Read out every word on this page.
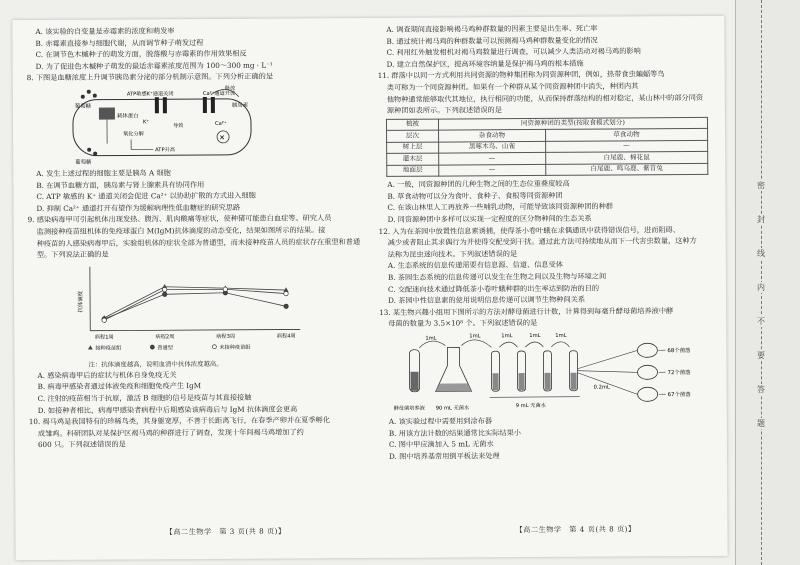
A. 该实验的自变量是赤霉素的浓度和萌发率
B. 赤霉素直接参与细胞代谢，从而调节种子萌发过程
C. 在调节色木槭种子的萌发方面，脱落酸与赤霉素的作用效果相反
D. 为了促进色木槭种子萌发的最适赤霉素浓度范围为 100～300 mg · L⁻¹
8. 下图是血糖浓度上升调节胰岛素分泌的部分机制示意图。下列分析正确的是
葡萄糖
载体蛋白
ATP敏感K⁺通道关闭	Ca²⁺通道开放
胰岛素
释放
K⁺
导致	Ca²⁺
✕
氧化分解
ATP升高
葡萄糖
A. 发生上述过程的细胞主要是胰岛 A 细胞
B. 在调节血糖方面，胰岛素与肾上腺素具有协同作用
C. ATP 敏感的 K⁺ 通道关闭会促进 Ca²⁺ 以协助扩散的方式进入细胞
D. 抑制 Ca²⁺ 通道打开有望作为缓解病理性低血糖症的研究思路
9. 感染病毒甲可引起机体出现发热、腹泻、肌肉酸痛等症状，使种猪可能患白血症等。研究人员
监测接种疫苗组机体的免疫球蛋白 M(IgM)抗体滴度的动态变化，结果如图所示的结果。接
种疫苗的人感染病毒甲后，实验组机体的症状全部为普通型，而未接种疫苗人员的症状存在重型和普通
型。下列说法正确的是
抗体滴度
病程1周	病程2周	病程3周	病程4周
接种疫苗组	普通型	未接种疫苗组
注：抗体滴度越高，说明血清中抗体浓度越高。
A. 感染病毒甲后的症状与机体自身免疫无关
B. 病毒甲感染者通过体液免疫和细胞免疫产生 IgM
C. 注射的疫苗相当于抗原，激活 B 细胞的信号是疫苗与其直接接触
D. 如接种者相比，病毒甲感染者病程中后期感染该病毒后与 IgM 抗体滴度会更高
10. 褐马鸡是我国特有的珍稀鸟类，其身躯宽厚，不善于长距离飞行，在春季产卵并在夏季孵化
成雏鸡。科研团队对某保护区褐马鸡的种群进行了调查，发现十年间褐马鸡增加了约
600 只。下列叙述错误的是
A. 调查期间直接影响褐马鸡种群数量的因素主要是出生率、死亡率
B. 通过统计褐马鸡的种群数量可以预测褐马鸡种群数量变化的情况
C. 利用红外触发相机对褐马鸡数量进行调查，可以减少人类活动对褐马鸡的影响
D. 建立自然保护区，提高环境容纳量是保护褐马鸡的根本措施
11. 群落中以同一方式利用共同资源的物种集团称为同资源种团，例如，热带食虫蝙蝠等鸟
类可称为一个同资源种团。如果有一个种群从某个同资源种团中消失，种团内其
他物种通常能够取代其地位，执行相同的功能，从而保持群落结构的相对稳定，某山林中的部分同资
源种团如表所示。下列叙述错误的是
植被	同资源种团的类型(按取食模式划分)	
层次	杂食动物	草食动物
树上层	黑啄木鸟、山雀	—
灌木层	—	白尾鹿、棉花鼠
地面层	—	白尾鹿、鸣乌鹿、紫苜兔
A. 一般，同资源种团的几种生物之间的生态位重叠度较高
B. 草食动物可以分为食叶、食种子、食根等同资源种团
C. 在该山林里人工再放养一些哺乳动物，可能导致该同资源种团的种群
D. 同资源种团中多样可以实现一定程度的区分物种间的生态关系
12. 入为在茶园中放置性信息素诱捕，使得茶小卷叶蛾在求偶通讯中获得错误信号，进而阻碍、
减少或者阻止其求偶行为并使得交配受到干扰。通过此方法可持续地从而下一代害虫数量，这种方
法称为昆虫迷向技术。下列叙述错误的是
A. 生态系统的信息传递需要有信息源、信道、信息受体
B. 茶园生态系统的信息传递可以发生在生物之间以及生物与环境之间
C. 交配迷向技术通过降低茶小卷叶蛾种群的出生率达到防治的目的
D. 茶园中性信息素的使用说明信息传递可以调节生物种间关系
13. 某生物兴趣小组用下图所示的方法对酵母菌进行计数，计算得到每毫升酵母菌培养液中酵
母菌的数量为 3.5×10⁸ 个。下列叙述错误的是
酵母菌培养液 90 mL 无菌水
1mL	1mL	1mL	1mL	1mL
9 mL 无菌水
0.2mL
68个菌落
72个菌落
67个菌落
A. 该实验过程中需要用到涂布器
B. 用该方法计数的结果通常比实际结果小
C. 图中甲应滴加入 5 mL 无菌水
D. 图中培养基常用倒平板法来处理
【高二生物学　第 3 页(共 8 页)】	【高二生物学　第 4 页(共 8 页)】
密
封
线
内
不
要
答
题
